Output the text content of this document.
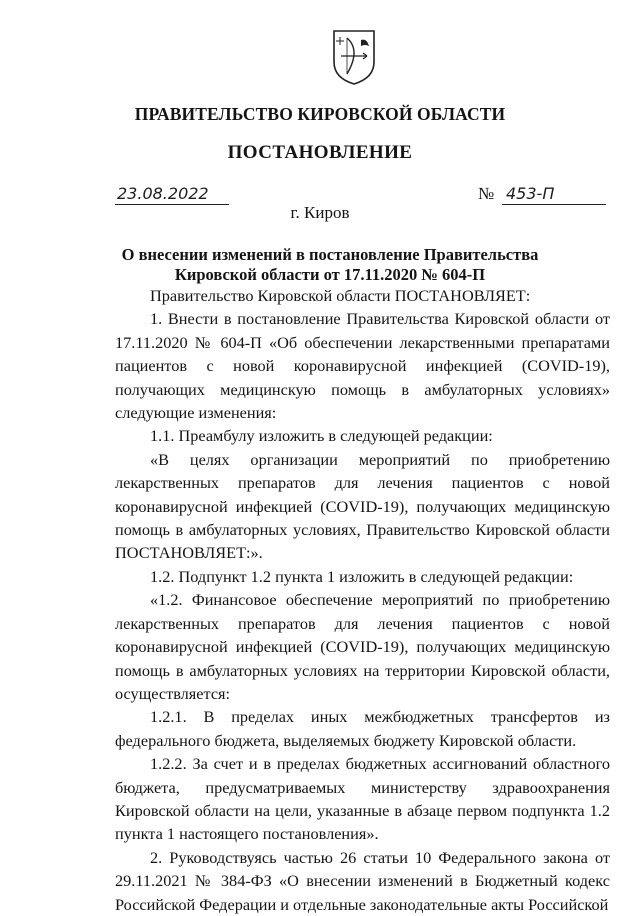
ПРАВИТЕЛЬСТВО КИРОВСКОЙ ОБЛАСТИ
ПОСТАНОВЛЕНИЕ
23.08.2022	№ 453-П
г. Киров
О внесении изменений в постановление Правительства Кировской области от 17.11.2020 № 604-П

Правительство Кировской области ПОСТАНОВЛЯЕТ:

1. Внести в постановление Правительства Кировской области от 17.11.2020 № 604-П «Об обеспечении лекарственными препаратами пациентов с новой коронавирусной инфекцией (COVID-19), получающих медицинскую помощь в амбулаторных условиях» следующие изменения:

1.1. Преамбулу изложить в следующей редакции:

«В целях организации мероприятий по приобретению лекарственных препаратов для лечения пациентов с новой коронавирусной инфекцией (COVID-19), получающих медицинскую помощь в амбулаторных условиях, Правительство Кировской области ПОСТАНОВЛЯЕТ:».

1.2. Подпункт 1.2 пункта 1 изложить в следующей редакции:

«1.2. Финансовое обеспечение мероприятий по приобретению лекарственных препаратов для лечения пациентов с новой коронавирусной инфекцией (COVID-19), получающих медицинскую помощь в амбулаторных условиях на территории Кировской области, осуществляется:

1.2.1. В пределах иных межбюджетных трансфертов из федерального бюджета, выделяемых бюджету Кировской области.

1.2.2. За счет и в пределах бюджетных ассигнований областного бюджета, предусматриваемых министерству здравоохранения Кировской области на цели, указанные в абзаце первом подпункта 1.2 пункта 1 настоящего постановления».

2. Руководствуясь частью 26 статьи 10 Федерального закона от 29.11.2021 № 384-ФЗ «О внесении изменений в Бюджетный кодекс Российской Федерации и отдельные законодательные акты Российской
